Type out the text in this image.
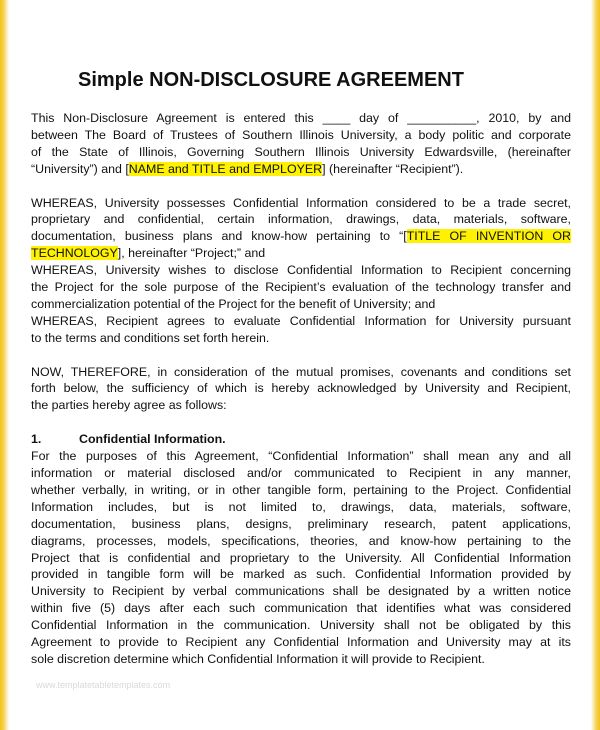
Simple NON-DISCLOSURE AGREEMENT

This Non-Disclosure Agreement is entered this ____ day of __________, 2010, by and

between The Board of Trustees of Southern Illinois University, a body politic and corporate

of the State of Illinois, Governing Southern Illinois University Edwardsville, (hereinafter

“University”) and [NAME and TITLE and EMPLOYER] (hereinafter “Recipient”).

WHEREAS, University possesses Confidential Information considered to be a trade secret,

proprietary and confidential, certain information, drawings, data, materials, software,

documentation, business plans and know-how pertaining to “[TITLE OF INVENTION OR

TECHNOLOGY], hereinafter “Project;” and

WHEREAS, University wishes to disclose Confidential Information to Recipient concerning

the Project for the sole purpose of the Recipient’s evaluation of the technology transfer and

commercialization potential of the Project for the benefit of University; and

WHEREAS, Recipient agrees to evaluate Confidential Information for University pursuant

to the terms and conditions set forth herein.

NOW, THEREFORE, in consideration of the mutual promises, covenants and conditions set

forth below, the sufficiency of which is hereby acknowledged by University and Recipient,

the parties hereby agree as follows:

1.	Confidential Information.

For the purposes of this Agreement, “Confidential Information” shall mean any and all

information or material disclosed and/or communicated to Recipient in any manner,

whether verbally, in writing, or in other tangible form, pertaining to the Project. Confidential

Information includes, but is not limited to, drawings, data, materials, software,

documentation, business plans, designs, preliminary research, patent applications,

diagrams, processes, models, specifications, theories, and know-how pertaining to the

Project that is confidential and proprietary to the University. All Confidential Information

provided in tangible form will be marked as such. Confidential Information provided by

University to Recipient by verbal communications shall be designated by a written notice

within five (5) days after each such communication that identifies what was considered

Confidential Information in the communication. University shall not be obligated by this

Agreement to provide to Recipient any Confidential Information and University may at its

sole discretion determine which Confidential Information it will provide to Recipient.

www.templatetabletemplates.com
